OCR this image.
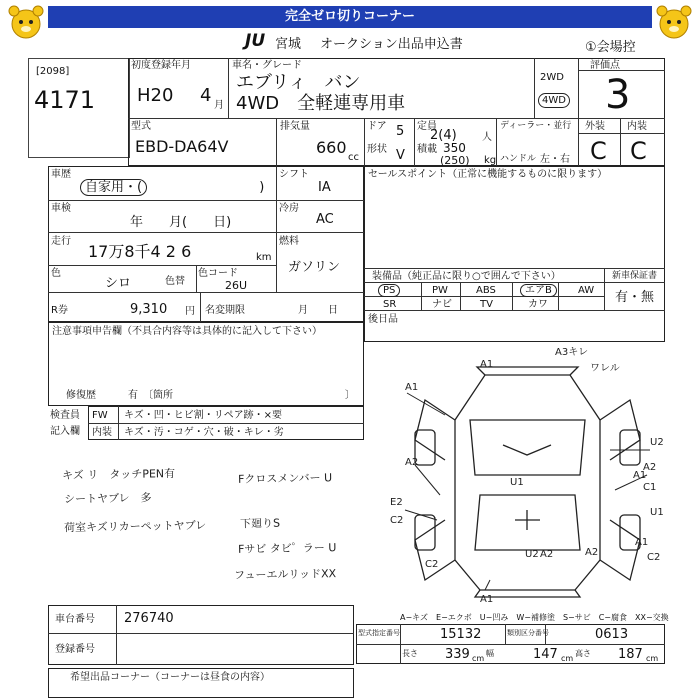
完全ゼロ切りコーナー
JU 宮城 オークション出品申込書	①会場控
[2098]
4171
初度登録年月
H20 4 月
車名・グレード
エブリィ　バン
4WD　全軽連専用車
2WD
4WD
評価点
3
型式
EBD-DA64V
排気量
660
cc
ドア 5
形状 V
定員
2(4)	人
積載 350
(250) kg
ディーラー・並行
ハンドル 左・右
外装 内装
C C
車歴
自家用・(	)
車検
年　　月(　　日)
走行
17万8千4 2 6	km
色
シロ	色替
色コード
26U
R券	9,310 円 名変期限	月　　日
シフト
IA
冷房
AC
燃料
ガソリン
セールスポイント（正常に機能するものに限ります）
装備品（純正品に限り○で囲んで下さい）	新車保証書
有・無
PS	PW	ABS	エアB	AW
SR	ナビ	TV	カワ
後日品
注意事項申告欄（不具合内容等は具体的に記入して下さい）
修復歴	有　〔箇所	〕
検査員
記入欄
FW キズ・凹・ヒビ割・リペア跡・×要
内装 キズ・汚・コゲ・穴・破・キレ・劣
キズ リ　タッチPEN有
シートヤブレ　多
荷室キズリカーペットヤブレ
Fクロスメンバー U
下廻りS
Fサビ タビ゜ラー U
フューエルリッドXX
A1
A3キレ
ワレル
A1
U2
A2
U1
A1
A2
C1
E2
C2
U1
A2
C2
U2	A2
A1
A1
C2
A−キズ　E−エクボ　U−凹み　W−補修塗　S−サビ　C−腐食　XX−交換
車台番号 276740
登録番号
型式指定番号	15132	類別区分番号	0613
長さ 339 cm
幅	147 cm
高さ 187 cm
希望出品コーナー（コーナーは昼食の内容）
